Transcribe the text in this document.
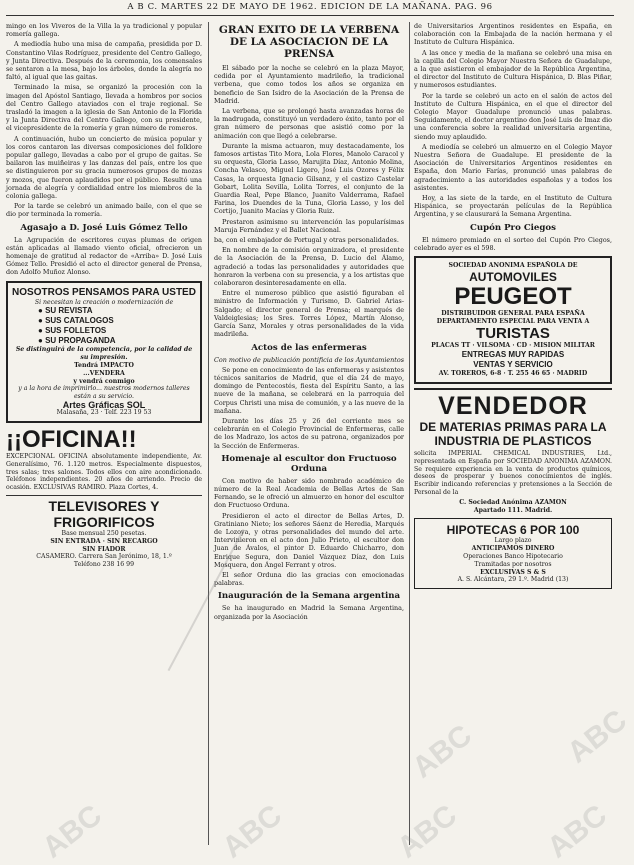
A B C. MARTES 22 DE MAYO DE 1962. EDICION DE LA MAÑANA. PAG. 96

mingo en los Viveros de la Villa la ya tradicional y popular romería gallega.

A mediodía hubo una misa de campaña, presidida por D. Constantino Vilas Rodríguez, presidente del Centro Gallego, y Junta Directiva. Después de la ceremonia, los comensales se sentaron a la mesa, bajo los árboles, donde la alegría no faltó, al igual que las gaitas.

Terminado la misa, se organizó la procesión con la imagen del Apóstol Santiago, llevada a hombros por socios del Centro Gallego ataviados con el traje regional. Se trasladó la imagen a la iglesia de San Antonio de la Florida y la Junta Directiva del Centro Gallego, con su presidente, el vicepresidente de la romería y gran número de romeros.

A continuación, hubo un concierto de música popular y los coros cantaron las diversas composiciones del folklore popular gallego, llevadas a cabo por el grupo de gaitas. Se bailaron las muiñeiras y las danzas del país, entre los que se distinguieron por su gracia numerosos grupos de mozas y mozos, que fueron aplaudidos por el público. Resultó una jornada de alegría y cordialidad entre los miembros de la colonia gallega.

Por la tarde se celebró un animado baile, con el que se dio por terminada la romería.

Agasajo a D. José Luis Gómez Tello

La Agrupación de escritores cuyas plumas de origen están aplicadas al llamado viento oficial, ofrecieron un homenaje de gratitud al redactor de «Arriba» D. José Luis Gómez Tello. Presidió el acto el director general de Prensa, don Adolfo Muñoz Alonso.

NOSOTROS PENSAMOS PARA USTED
Si necesitan la creación o modernización de
● SU REVISTA
● SUS CATALOGOS
● SUS FOLLETOS
● SU PROPAGANDA
Se distinguirá de la competencia, por la calidad de su impresión.
Tendrá IMPACTO
...VENDERA
y vendrá conmigo
y a la hora de imprimirlo... nuestros modernos talleres están a su servicio.
Artes Gráficas SOL
Malasaña, 23 · Telf. 223 19 53
¡¡OFICINA!!

EXCEPCIONAL OFICINA absolutamente independiente, Av. Generalísimo, 76. 1.120 metros. Especialmente dispuestos, tres salas; tres salones. Todos ellos con aire acondicionado. Teléfonos independientes. 20 años de arriendo. Precio de ocasión. EXCLUSIVAS RAMIRO. Plaza Cortes, 4.

TELEVISORES Y FRIGORIFICOS
Base mensual 250 pesetas.
SIN ENTRADA · SIN RECARGO
SIN FIADOR
CASAMERO. Carrera San Jerónimo, 18, 1.º
Teléfono 238 16 99
GRAN EXITO DE LA VERBENA DE LA ASOCIACION DE LA PRENSA

El sábado por la noche se celebró en la plaza Mayor, cedida por el Ayuntamiento madrileño, la tradicional verbena, que como todos los años se organiza en beneficio de San Isidro de la Asociación de la Prensa de Madrid.

La verbena, que se prolongó hasta avanzadas horas de la madrugada, constituyó un verdadero éxito, tanto por el gran número de personas que asistió como por la animación con que llegó a celebrarse.

Durante la misma actuaron, muy destacadamente, los famosos artistas Tito Mora, Lola Flores, Manolo Caracol y su orquesta, Gloria Lasso, Marujita Díaz, Antonio Molina, Concha Velasco, Miguel Ligero, José Luis Ozores y Félix Casas, la orquesta Ignacio Gilsanz, y el castizo Castelar Gobart, Lolita Sevilla, Lolita Torres, el conjunto de la Guardia Real, Pepe Blanco, Juanito Valderrama, Rafael Farina, los Duendes de la Tuna, Gloria Lasso, y los del Cortijo, Juanito Macías y Gloria Ruiz.

Prestaron asimismo su intervención las popularísimas Maruja Fernández y el Ballet Nacional.

ba, con el embajador de Portugal y otras personalidades.

En nombre de la comisión organizadora, el presidente de la Asociación de la Prensa, D. Lucio del Álamo, agradeció a todas las personalidades y autoridades que honraron la verbena con su presencia, y a los artistas que colaboraron desinteresadamente en ella.

Entre el numeroso público que asistió figuraban el ministro de Información y Turismo, D. Gabriel Arias-Salgado; el director general de Prensa; el marqués de Valdeiglesias; los Sres. Torres López, Martín Alonso, García Sanz, Morales y otras personalidades de la vida madrileña.

Actos de las enfermeras

Con motivo de publicación pontificia de los Ayuntamientos

Se pone en conocimiento de las enfermeras y asistentes técnicos sanitarios de Madrid, que el día 24 de mayo, domingo de Pentecostés, fiesta del Espíritu Santo, a las nueve de la mañana, se celebrará en la parroquia del Corpus Christi una misa de comunión, y a las nueve de la mañana.

Durante los días 25 y 26 del corriente mes se celebrarán en el Colegio Provincial de Enfermeras, calle de los Madrazo, los actos de su patrona, organizados por la Sección de Enfermeras.

Homenaje al escultor don Fructuoso Orduna

Con motivo de haber sido nombrado académico de número de la Real Academia de Bellas Artes de San Fernando, se le ofreció un almuerzo en honor del escultor don Fructuoso Orduna.

Presidieron el acto el director de Bellas Artes, D. Gratiniano Nieto; los señores Sáenz de Heredia, Marqués de Lozoya, y otras personalidades del mundo del arte. Intervinieron en el acto don Julio Prieto, el escultor don Juan de Ávalos, el pintor D. Eduardo Chicharro, don Enrique Segura, don Daniel Vázquez Díaz, don Luis Mosquera, don Ángel Ferrant y otros.

El señor Orduna dio las gracias con emocionadas palabras.

Inauguración de la Semana argentina

Se ha inaugurado en Madrid la Semana Argentina, organizada por la Asociación

de Universitarios Argentinos residentes en España, en colaboración con la Embajada de la nación hermana y el Instituto de Cultura Hispánica.

A las once y media de la mañana se celebró una misa en la capilla del Colegio Mayor Nuestra Señora de Guadalupe, a la que asistieron el embajador de la República Argentina, el director del Instituto de Cultura Hispánica, D. Blas Piñar, y numerosos estudiantes.

Por la tarde se celebró un acto en el salón de actos del Instituto de Cultura Hispánica, en el que el director del Colegio Mayor Guadalupe pronunció unas palabras. Seguidamente, el doctor argentino don José Luis de Imaz dio una conferencia sobre la realidad universitaria argentina, siendo muy aplaudido.

A mediodía se celebró un almuerzo en el Colegio Mayor Nuestra Señora de Guadalupe. El presidente de la Asociación de Universitarios Argentinos residentes en España, don Mario Farías, pronunció unas palabras de agradecimiento a las autoridades españolas y a todos los asistentes.

Hoy, a las siete de la tarde, en el Instituto de Cultura Hispánica, se proyectarán películas de la República Argentina, y se clausurará la Semana Argentina.

Cupón Pro Ciegos

El número premiado en el sorteo del Cupón Pro Ciegos, celebrado ayer es el 598.

SOCIEDAD ANONIMA ESPAÑOLA DE
AUTOMOVILES
PEUGEOT
DISTRIBUIDOR GENERAL PARA ESPAÑA
DEPARTAMENTO ESPECIAL PARA VENTA A
TURISTAS
PLACAS TT · VILSOMA · CD · MISION MILITAR
ENTREGAS MUY RAPIDAS
VENTAS Y SERVICIO
AV. TOREROS, 6-8 · T. 255 46 65 · MADRID
VENDEDOR
DE MATERIAS PRIMAS PARA LA INDUSTRIA DE PLASTICOS

solicita IMPERIAL CHEMICAL INDUSTRIES, Ltd., representada en España por SOCIEDAD ANONIMA AZAMON. Se requiere experiencia en la venta de productos químicos, deseos de prosperar y buenos conocimientos de inglés. Escribir indicando referencias y pretensiones a la Sección de Personal de la

C. Sociedad Anónima AZAMON
Apartado 111. Madrid.
HIPOTECAS 6 POR 100
Largo plazo
ANTICIPAMOS DINERO
Operaciones Banco Hipotecario
Tramitadas por nosotros
EXCLUSIVAS S & S
A. S. Alcántara, 29 1.º. Madrid (13)
ABC	ABC	ABC	ABC
ABC	ABC
